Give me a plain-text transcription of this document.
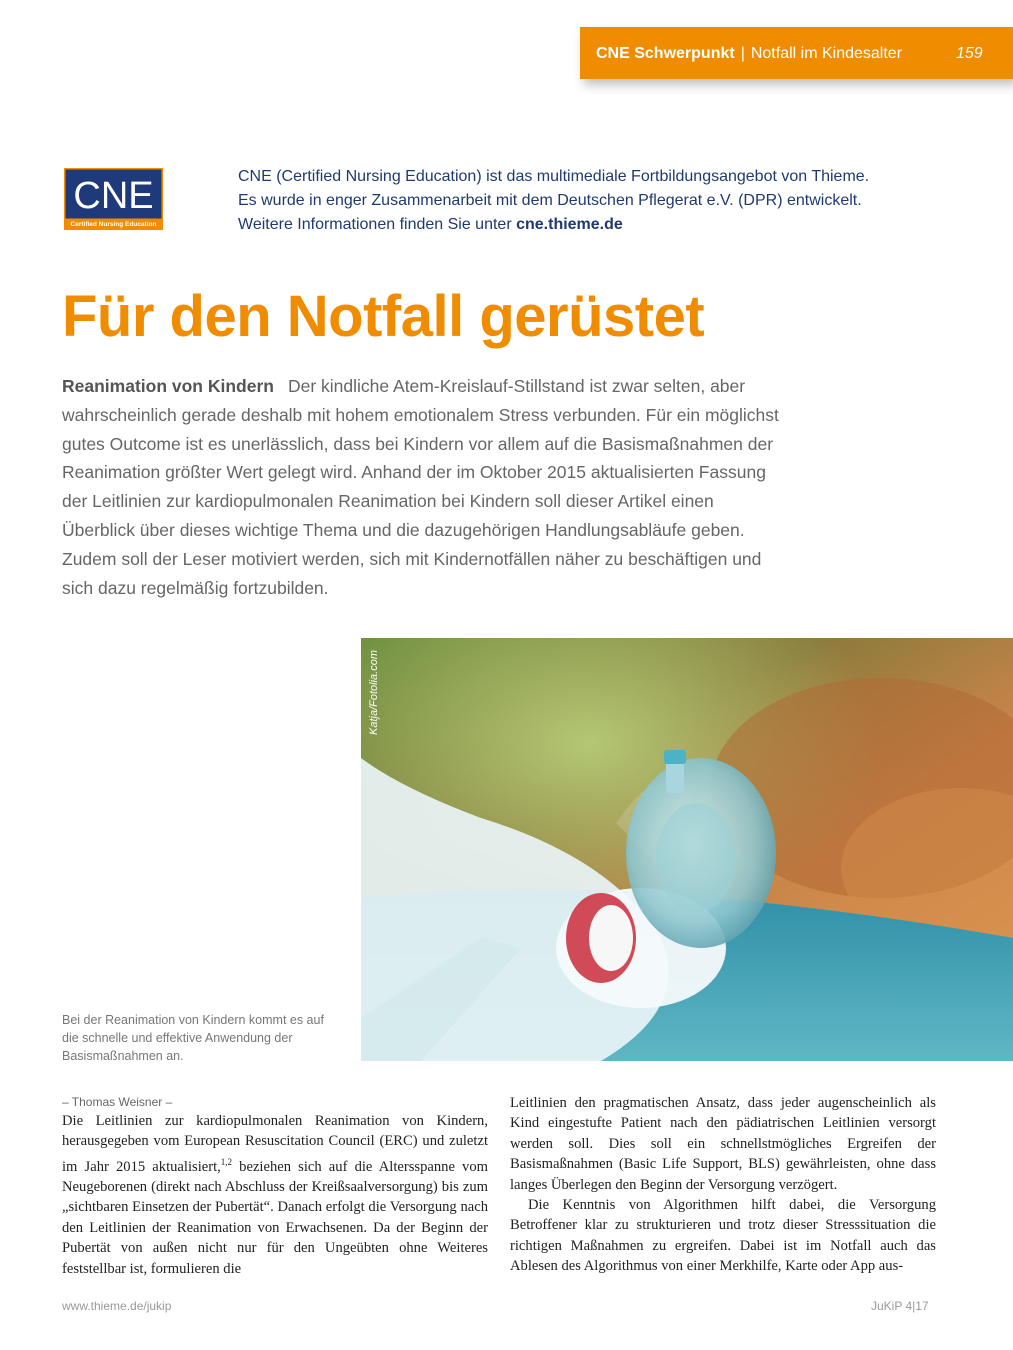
CNE Schwerpunkt | Notfall im Kindesalter	159
CNE
Certified Nursing Education
CNE (Certified Nursing Education) ist das multimediale Fortbildungsangebot von Thieme.
Es wurde in enger Zusammenarbeit mit dem Deutschen Pflegerat e.V. (DPR) entwickelt.
Weitere Informationen finden Sie unter cne.thieme.de
Für den Notfall gerüstet

Reanimation von Kindern Der kindliche Atem-Kreislauf-Stillstand ist zwar selten, aber wahrscheinlich gerade deshalb mit hohem emotionalem Stress verbunden. Für ein möglichst gutes Outcome ist es unerlässlich, dass bei Kindern vor allem auf die Basismaßnahmen der Reanimation größter Wert gelegt wird. Anhand der im Oktober 2015 aktualisierten Fassung der Leitlinien zur kardiopulmonalen Reanimation bei Kindern soll dieser Artikel einen Überblick über dieses wichtige Thema und die dazugehörigen Handlungsabläufe geben. Zudem soll der Leser motiviert werden, sich mit Kindernotfällen näher zu beschäftigen und sich dazu regelmäßig fortzubilden.

Katja/Fotolia.com
Bei der Reanimation von Kindern kommt es auf die schnelle und effektive Anwendung der Basismaßnahmen an.

– Thomas Weisner –

Die Leitlinien zur kardiopulmonalen Reanimation von Kindern, herausgegeben vom European Resuscitation Council (ERC) und zuletzt im Jahr 2015 aktualisiert,$^{1,2}$ beziehen sich auf die Altersspanne vom Neugeborenen (direkt nach Abschluss der Kreißsaalversorgung) bis zum „sichtbaren Einsetzen der Pubertät“. Danach erfolgt die Versorgung nach den Leitlinien der Reanimation von Erwachsenen. Da der Beginn der Pubertät von außen nicht nur für den Ungeübten ohne Weiteres feststellbar ist, formulieren die

Leitlinien den pragmatischen Ansatz, dass jeder augenscheinlich als Kind eingestufte Patient nach den pädiatrischen Leitlinien versorgt werden soll. Dies soll ein schnellstmögliches Ergreifen der Basismaßnahmen (Basic Life Support, BLS) gewährleisten, ohne dass langes Überlegen den Beginn der Versorgung verzögert.

Die Kenntnis von Algorithmen hilft dabei, die Versorgung Betroffener klar zu strukturieren und trotz dieser Stresssituation die richtigen Maßnahmen zu ergreifen. Dabei ist im Notfall auch das Ablesen des Algorithmus von einer Merkhilfe, Karte oder App aus-

www.thieme.de/jukip	JuKiP 4|17
